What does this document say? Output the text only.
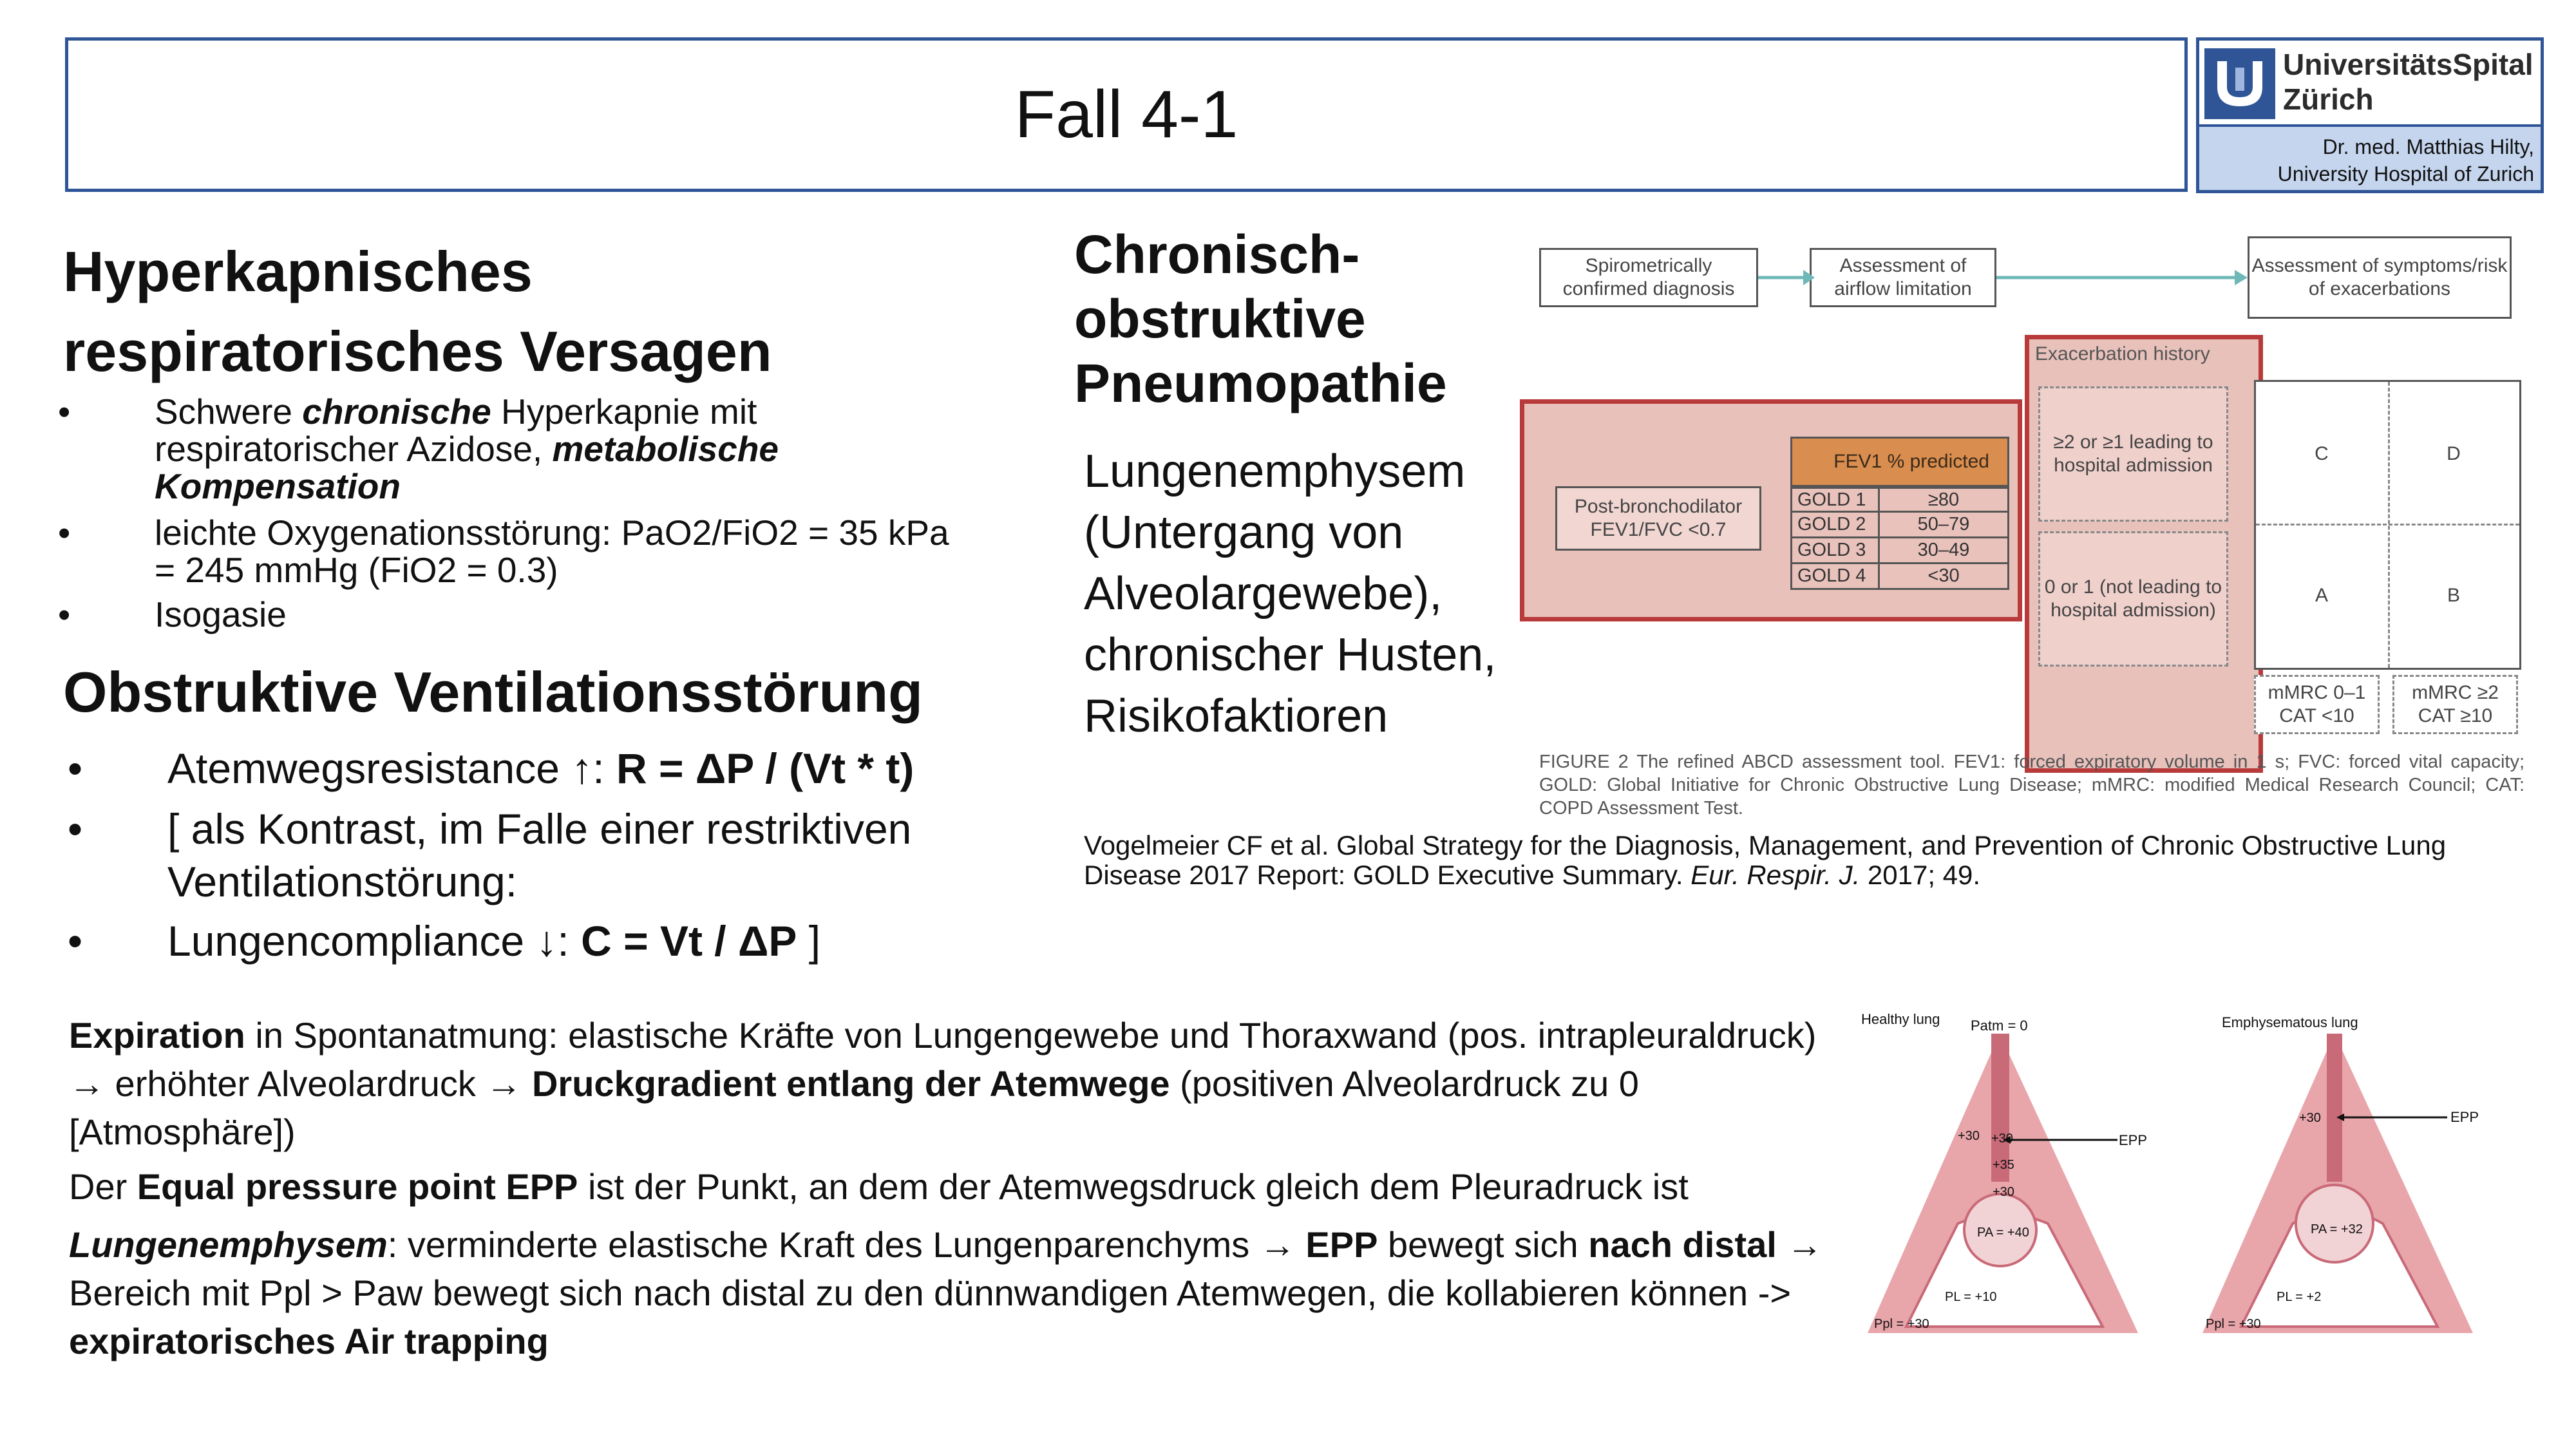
Fall 4-1
UniversitätsSpital
Zürich
Dr. med. Matthias Hilty,
University Hospital of Zurich
Hyperkapnisches respiratorisches Versagen
• Schwere chronische Hyperkapnie mit respiratorischer Azidose, metabolische Kompensation
• leichte Oxygenationsstörung: PaO2/FiO2 = 35 kPa = 245 mmHg (FiO2 = 0.3)
• Isogasie
Obstruktive Ventilationsstörung
• Atemwegsresistance ↑: R = ΔP / (Vt * t)
• [ als Kontrast, im Falle einer restriktiven Ventilationstörung:
• Lungencompliance ↓: C = Vt / ΔP ]
Chronisch-obstruktive Pneumopathie
Lungenemphysem (Untergang von Alveolargewebe), chronischer Husten, Risikofaktioren
Vogelmeier CF et al. Global Strategy for the Diagnosis, Management, and Prevention of Chronic Obstructive Lung Disease 2017 Report: GOLD Executive Summary. Eur. Respir. J. 2017; 49.
Spirometrically confirmed diagnosis
Assessment of airflow limitation
Assessment of symptoms/risk of exacerbations
Post-bronchodilator FEV1/FVC <0.7
FEV1 % predicted
GOLD 1	≥80
GOLD 2	50–79
GOLD 3	30–49
GOLD 4	<30
Exacerbation history
≥2 or ≥1 leading to hospital admission
0 or 1 (not leading to hospital admission)
C	D
A	B
mMRC 0–1 CAT <10
mMRC ≥2 CAT ≥10
FIGURE 2 The refined ABCD assessment tool. FEV1: forced expiratory volume in 1 s; FVC: forced vital capacity; GOLD: Global Initiative for Chronic Obstructive Lung Disease; mMRC: modified Medical Research Council; CAT: COPD Assessment Test.
Expiration in Spontanatmung: elastische Kräfte von Lungengewebe und Thoraxwand (pos. intrapleuraldruck) → erhöhter Alveolardruck → Druckgradient entlang der Atemwege (positiven Alveolardruck zu 0 [Atmosphäre])
Der Equal pressure point EPP ist der Punkt, an dem der Atemwegsdruck gleich dem Pleuradruck ist
Lungenemphysem: verminderte elastische Kraft des Lungenparenchyms → EPP bewegt sich nach distal → Bereich mit Ppl > Paw bewegt sich nach distal zu den dünnwandigen Atemwegen, die kollabieren können -> expiratorisches Air trapping
Healthy lung Patm = 0
EPP
+30 +30
+35
+30
PA = +40
PL = +10
Ppl = +30
Emphysematous lung
EPP
+30
PA = +32
PL = +2
Ppl = +30
